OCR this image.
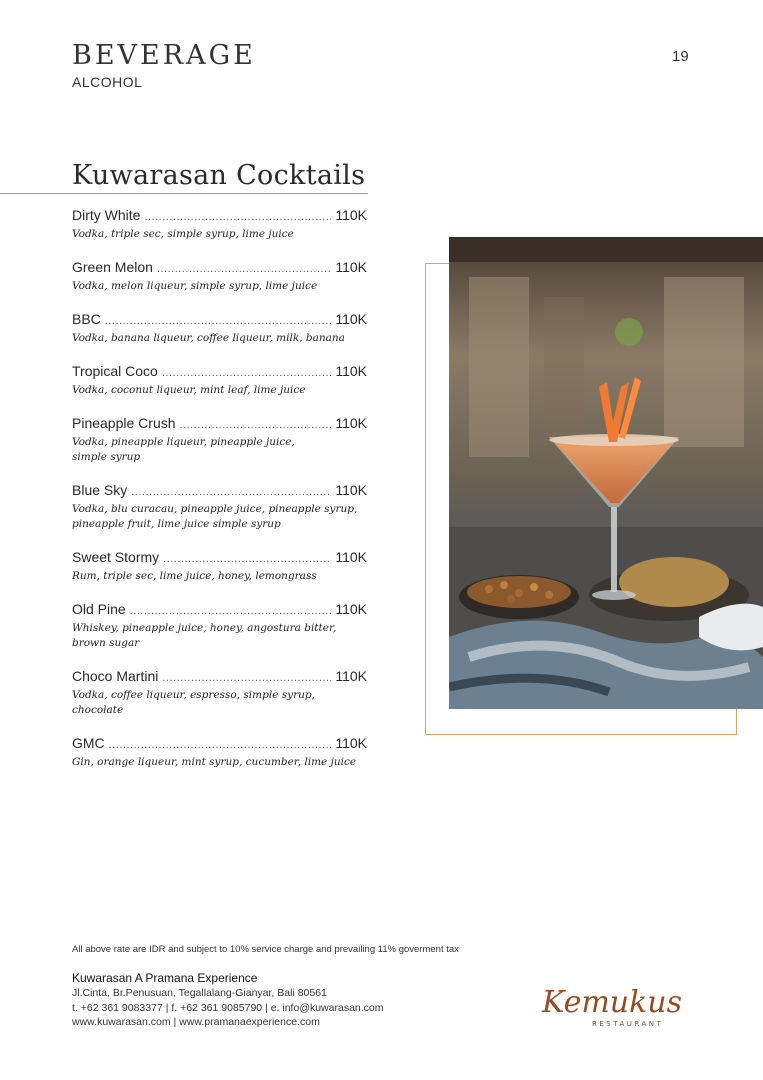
BEVERAGE
ALCOHOL
19
Kuwarasan Cocktails
Dirty White .....	110K
Vodka, triple sec, simple syrup, lime juice
Green Melon .....	110K
Vodka, melon liqueur, simple syrup, lime juice
BBC .....	110K
Vodka, banana liqueur, coffee liqueur, milk, banana
Tropical Coco .....	110K
Vodka, coconut liqueur, mint leaf, lime juice
Pineapple Crush .....	110K
Vodka, pineapple liqueur, pineapple juice,
simple syrup
Blue Sky .....	110K
Vodka, blu curacau, pineapple juice, pineapple syrup,
pineapple fruit, lime juice simple syrup
Sweet Stormy .....	110K
Rum, triple sec, lime juice, honey, lemongrass
Old Pine .....	110K
Whiskey, pineapple juice, honey, angostura bitter,
brown sugar
Choco Martini .....	110K
Vodka, coffee liqueur, espresso, simple syrup,
chocolate
GMC .....	110K
Gin, orange liqueur, mint syrup, cucumber, lime juice
All above rate are IDR and subject to 10% service charge and prevailing 11% goverment tax
Kuwarasan A Pramana Experience
Jl.Cinta, Br.Penusuan, Tegallalang-Gianyar, Bali 80561
t. +62 361 9083377 | f. +62 361 9085790 | e. info@kuwarasan.com
www.kuwarasan.com | www.pramanaexperience.com
Kemukus
RESTAURANT
